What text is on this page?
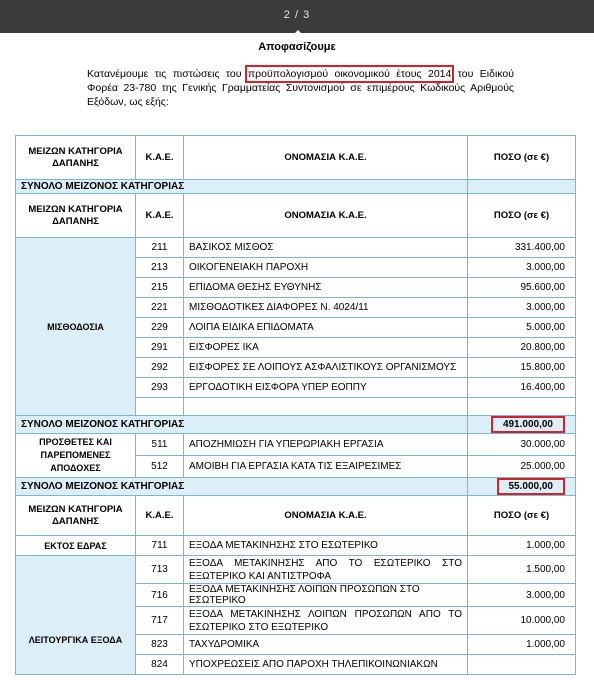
2 / 3
Αποφασίζουμε
Κατανέμουμε τις πιστώσεις του προϋπολογισμού οικονομικού έτους 2014 του Ειδικού Φορέα 23-780 της Γενικής Γραμματείας Συντονισμού σε επιμέρους Κωδικούς Αριθμούς Εξόδων, ως εξής:
ΜΕΙΖΩΝ ΚΑΤΗΓΟΡΙΑ ΔΑΠΑΝΗΣ	Κ.Α.Ε.	ΟΝΟΜΑΣΙΑ Κ.Α.Ε.	ΠΟΣΟ (σε €)
ΣΥΝΟΛΟ ΜΕΙΖΟΝΟΣ ΚΑΤΗΓΟΡΙΑΣ			
ΜΕΙΖΩΝ ΚΑΤΗΓΟΡΙΑ ΔΑΠΑΝΗΣ	Κ.Α.Ε.	ΟΝΟΜΑΣΙΑ Κ.Α.Ε.	ΠΟΣΟ (σε €)
ΜΙΣΘΟΔΟΣΙΑ	211	ΒΑΣΙΚΟΣ ΜΙΣΘΟΣ	331.400,00
	213	ΟΙΚΟΓΕΝΕΙΑΚΗ ΠΑΡΟΧΗ	3.000,00
	215	ΕΠΙΔΟΜΑ ΘΕΣΗΣ ΕΥΘΥΝΗΣ	95.600,00
	221	ΜΙΣΘΟΔΟΤΙΚΕΣ ΔΙΑΦΟΡΕΣ Ν. 4024/11	3.000,00
	229	ΛΟΙΠΑ ΕΙΔΙΚΑ ΕΠΙΔΟΜΑΤΑ	5.000,00
	291	ΕΙΣΦΟΡΕΣ ΙΚΑ	20.800,00
	292	ΕΙΣΦΟΡΕΣ ΣΕ ΛΟΙΠΟΥΣ ΑΣΦΑΛΙΣΤΙΚΟΥΣ ΟΡΓΑΝΙΣΜΟΥΣ	15.800,00
	293	ΕΡΓΟΔΟΤΙΚΗ ΕΙΣΦΟΡΑ ΥΠΕΡ ΕΟΠΠΥ	16.400,00

ΣΥΝΟΛΟ ΜΕΙΖΟΝΟΣ ΚΑΤΗΓΟΡΙΑΣ			491.000,00
ΠΡΟΣΘΕΤΕΣ ΚΑΙ ΠΑΡΕΠΟΜΕΝΕΣ ΑΠΟΔΟΧΕΣ	511	ΑΠΟΖΗΜΙΩΣΗ ΓΙΑ ΥΠΕΡΩΡΙΑΚΗ ΕΡΓΑΣΙΑ	30.000,00
	512	ΑΜΟΙΒΗ ΓΙΑ ΕΡΓΑΣΙΑ ΚΑΤΑ ΤΙΣ ΕΞΑΙΡΕΣΙΜΕΣ	25.000,00
ΣΥΝΟΛΟ ΜΕΙΖΟΝΟΣ ΚΑΤΗΓΟΡΙΑΣ			55.000,00
ΜΕΙΖΩΝ ΚΑΤΗΓΟΡΙΑ ΔΑΠΑΝΗΣ	Κ.Α.Ε.	ΟΝΟΜΑΣΙΑ Κ.Α.Ε.	ΠΟΣΟ (σε €)
ΕΚΤΟΣ ΕΔΡΑΣ	711	ΕΞΟΔΑ ΜΕΤΑΚΙΝΗΣΗΣ ΣΤΟ ΕΣΩΤΕΡΙΚΟ	1.000,00

ΛΕΙΤΟΥΡΓΙΚΑ ΕΞΟΔΑ	713	ΕΞΟΔΑ ΜΕΤΑΚΙΝΗΣΗΣ ΑΠΟ ΤΟ ΕΣΩΤΕΡΙΚΟ ΣΤΟ ΕΞΩΤΕΡΙΚΟ ΚΑΙ ΑΝΤΙΣΤΡΟΦΑ	1.500,00
	716	ΕΞΟΔΑ ΜΕΤΑΚΙΝΗΣΗΣ ΛΟΙΠΩΝ ΠΡΟΣΩΠΩΝ ΣΤΟ ΕΣΩΤΕΡΙΚΟ	3.000,00
	717	ΕΞΟΔΑ ΜΕΤΑΚΙΝΗΣΗΣ ΛΟΙΠΩΝ ΠΡΟΣΩΠΩΝ ΑΠΟ ΤΟ ΕΣΩΤΕΡΙΚΟ ΣΤΟ ΕΞΩΤΕΡΙΚΟ	10.000,00
	823	ΤΑΧΥΔΡΟΜΙΚΑ	1.000,00
	824	ΥΠΟΧΡΕΩΣΕΙΣ ΑΠΟ ΠΑΡΟΧΗ ΤΗΛΕΠΙΚΟΙΝΩΝΙΑΚΩΝ	
